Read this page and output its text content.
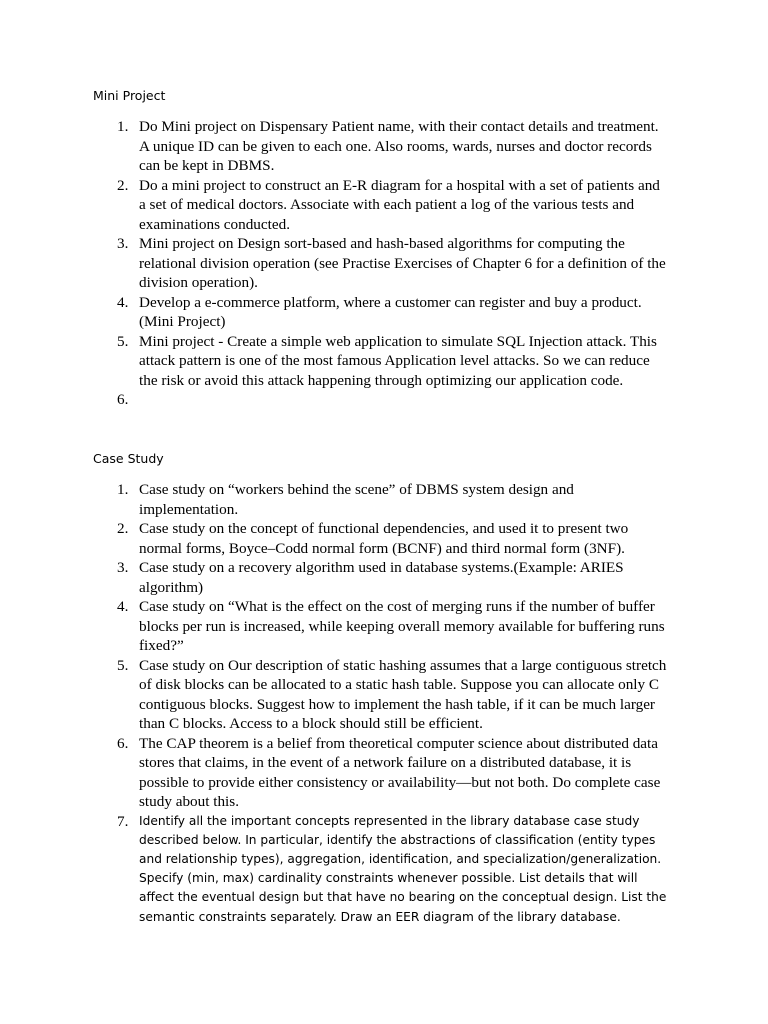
Mini Project
1. Do Mini project on Dispensary Patient name, with their contact details and treatment. A unique ID can be given to each one. Also rooms, wards, nurses and doctor records can be kept in DBMS.
2. Do a mini project to construct an E-R diagram for a hospital with a set of patients and a set of medical doctors. Associate with each patient a log of the various tests and examinations conducted.
3. Mini project on Design sort-based and hash-based algorithms for computing the relational division operation (see Practise Exercises of Chapter 6 for a definition of the division operation).
4. Develop a e-commerce platform, where a customer can register and buy a product. (Mini Project)
5. Mini project - Create a simple web application to simulate SQL Injection attack. This attack pattern is one of the most famous Application level attacks. So we can reduce the risk or avoid this attack happening through optimizing our application code.
6.
Case Study
1. Case study on “workers behind the scene” of DBMS system design and implementation.
2. Case study on the concept of functional dependencies, and used it to present two normal forms, Boyce–Codd normal form (BCNF) and third normal form (3NF).
3. Case study on a recovery algorithm used in database systems.(Example: ARIES algorithm)
4. Case study on “What is the effect on the cost of merging runs if the number of buffer blocks per run is increased, while keeping overall memory available for buffering runs fixed?”
5. Case study on Our description of static hashing assumes that a large contiguous stretch of disk blocks can be allocated to a static hash table. Suppose you can allocate only C contiguous blocks. Suggest how to implement the hash table, if it can be much larger than C blocks. Access to a block should still be efficient.
6. The CAP theorem is a belief from theoretical computer science about distributed data stores that claims, in the event of a network failure on a distributed database, it is possible to provide either consistency or availability—but not both. Do complete case study about this.
7. Identify all the important concepts represented in the library database case study described below. In particular, identify the abstractions of classification (entity types and relationship types), aggregation, identification, and specialization/generalization. Specify (min, max) cardinality constraints whenever possible. List details that will affect the eventual design but that have no bearing on the conceptual design. List the semantic constraints separately. Draw an EER diagram of the library database.
